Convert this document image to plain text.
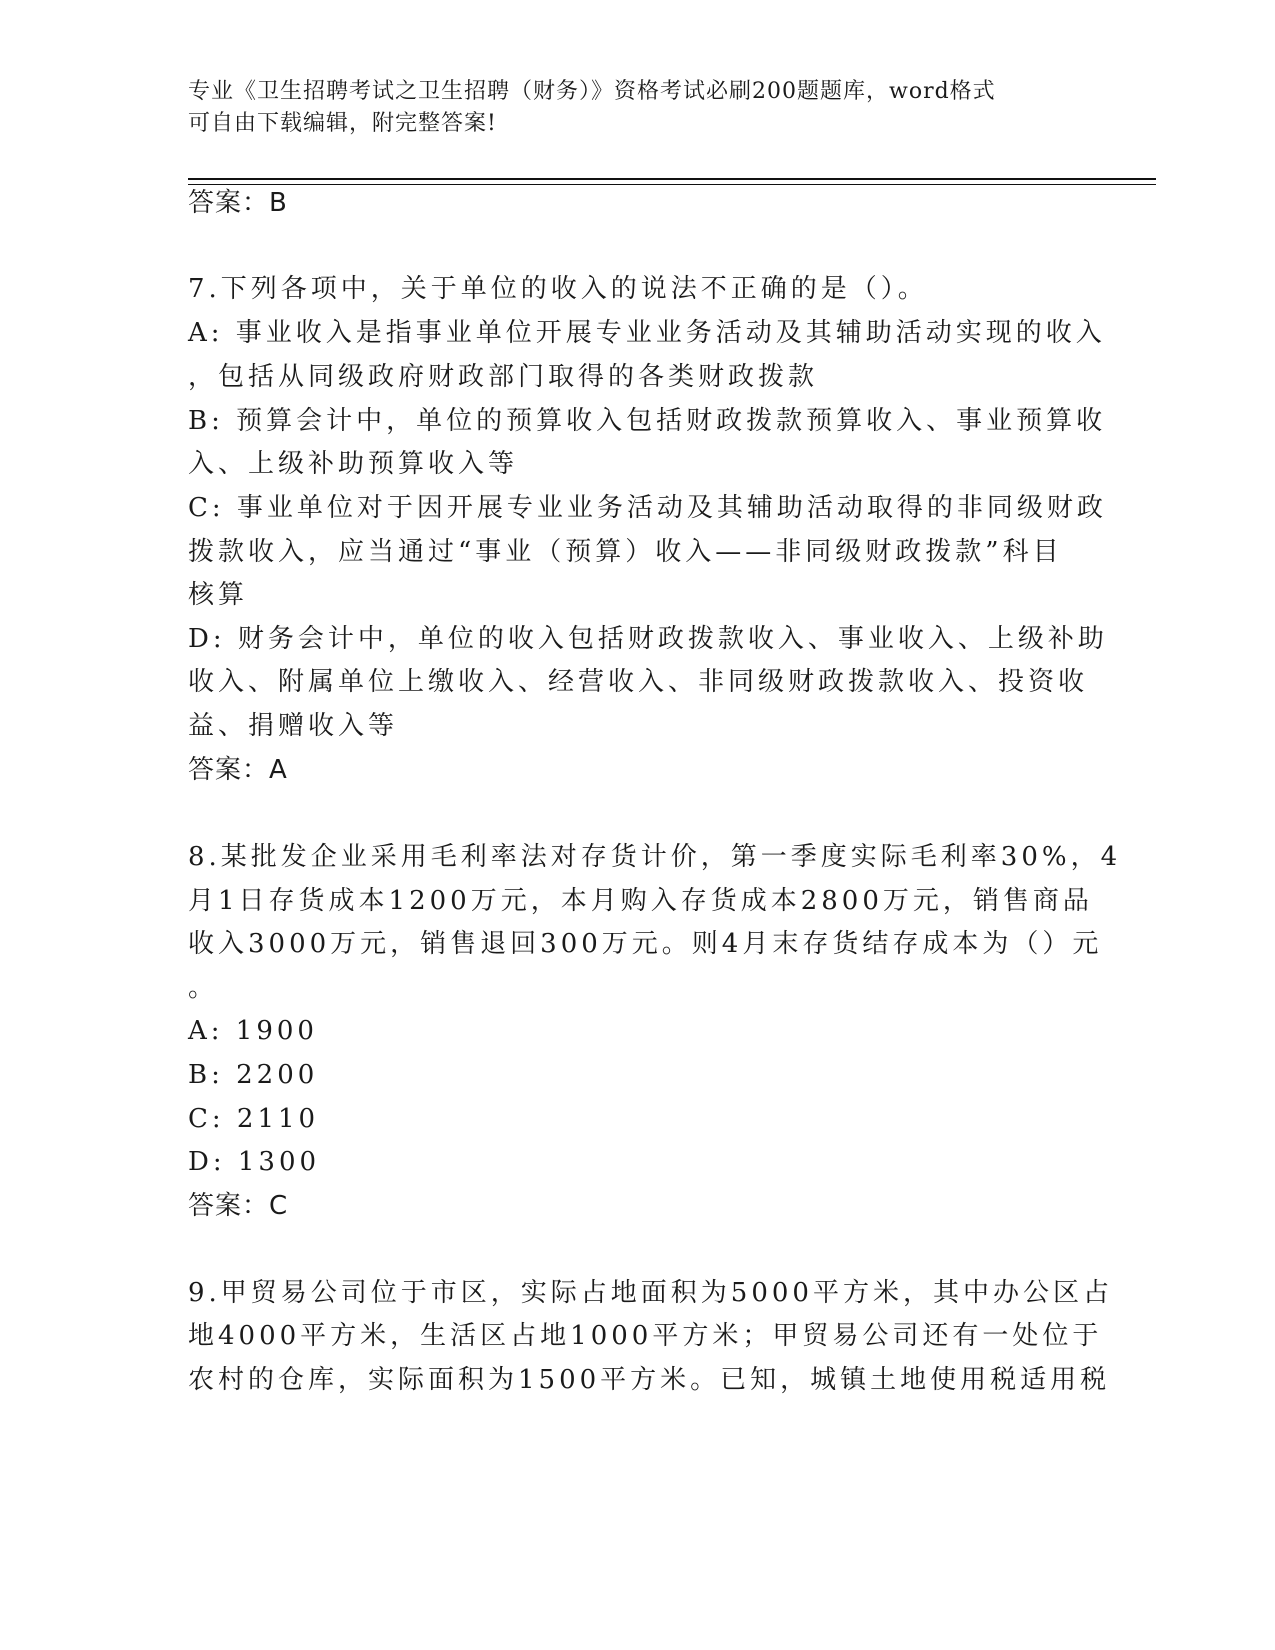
专业《卫生招聘考试之卫生招聘（财务）》资格考试必刷200题题库，word格式
可自由下载编辑，附完整答案!
答案：B
7.下列各项中，关于单位的收入的说法不正确的是（）。
A: 事业收入是指事业单位开展专业业务活动及其辅助活动实现的收入
，包括从同级政府财政部门取得的各类财政拨款
B: 预算会计中，单位的预算收入包括财政拨款预算收入、事业预算收
入、上级补助预算收入等
C: 事业单位对于因开展专业业务活动及其辅助活动取得的非同级财政
拨款收入，应当通过“事业（预算）收入——非同级财政拨款”科目
核算
D: 财务会计中，单位的收入包括财政拨款收入、事业收入、上级补助
收入、附属单位上缴收入、经营收入、非同级财政拨款收入、投资收
益、捐赠收入等
答案：A
8.某批发企业采用毛利率法对存货计价，第一季度实际毛利率30%，4
月1日存货成本1200万元，本月购入存货成本2800万元，销售商品
收入3000万元，销售退回300万元。则4月末存货结存成本为（）元
。
A: 1900
B: 2200
C: 2110
D: 1300
答案：C
9.甲贸易公司位于市区，实际占地面积为5000平方米，其中办公区占
地4000平方米，生活区占地1000平方米；甲贸易公司还有一处位于
农村的仓库，实际面积为1500平方米。已知，城镇土地使用税适用税
